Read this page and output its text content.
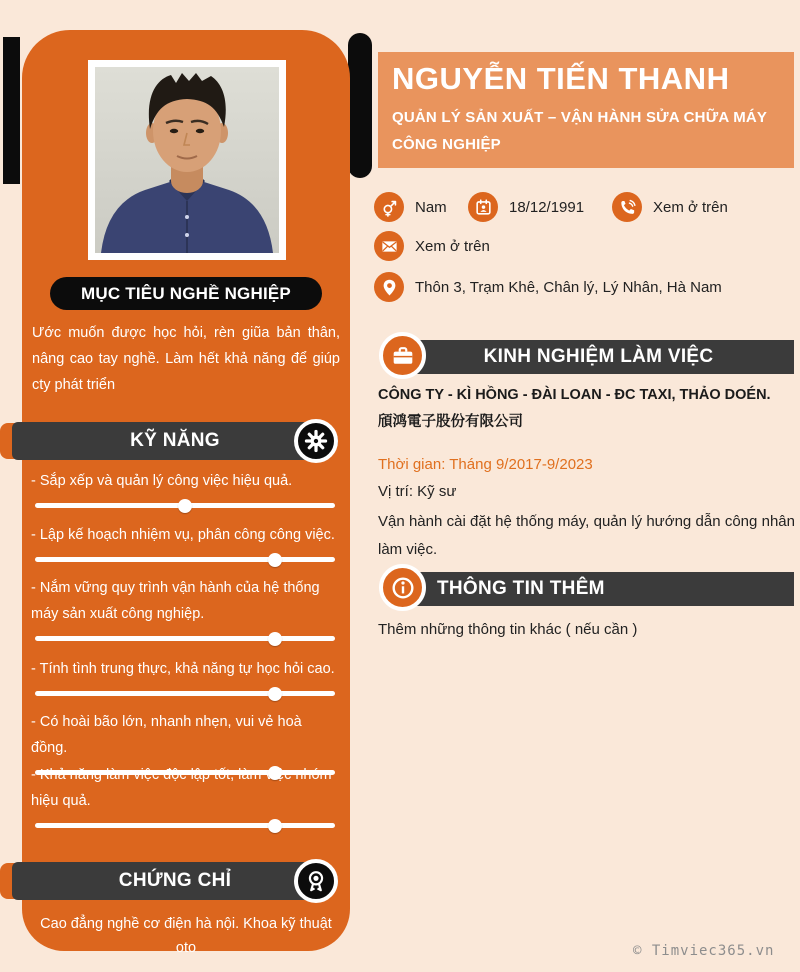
MỤC TIÊU NGHỀ NGHIỆP
Ước muốn được học hỏi, rèn giũa bản thân, nâng cao tay nghề. Làm hết khả năng để giúp cty phát triển
KỸ NĂNG
- Sắp xếp và quản lý công việc hiệu quả.
- Lập kế hoạch nhiệm vụ, phân công công việc.
- Nắm vững quy trình vận hành của hệ thống máy sản xuất công nghiệp.
- Tính tình trung thực, khả năng tự học hỏi cao.
- Có hoài bão lớn, nhanh nhẹn, vui vẻ hoà đồng.
- Khả năng làm việc độc lập tốt, làm việc nhóm hiệu quả.
CHỨNG CHỈ
Cao đẳng nghề cơ điện hà nội. Khoa kỹ thuật oto
NGUYỄN TIẾN THANH
QUẢN LÝ SẢN XUẤT – VẬN HÀNH SỬA CHỮA MÁY CÔNG NGHIỆP
Nam	18/12/1991	Xem ở trên
Xem ở trên
Thôn 3, Trạm Khê, Chân lý, Lý Nhân, Hà Nam
KINH NGHIỆM LÀM VIỆC
CÔNG TY - KÌ HỒNG - ĐÀI LOAN - ĐC TAXI, THẢO DOÉN. 頎鸿電子股份有限公司
Thời gian: Tháng 9/2017-9/2023
Vị trí: Kỹ sư
Vận hành cài đặt hệ thống máy, quản lý hướng dẫn công nhân làm việc.
THÔNG TIN THÊM
Thêm những thông tin khác ( nếu cần )
© Timviec365.vn
